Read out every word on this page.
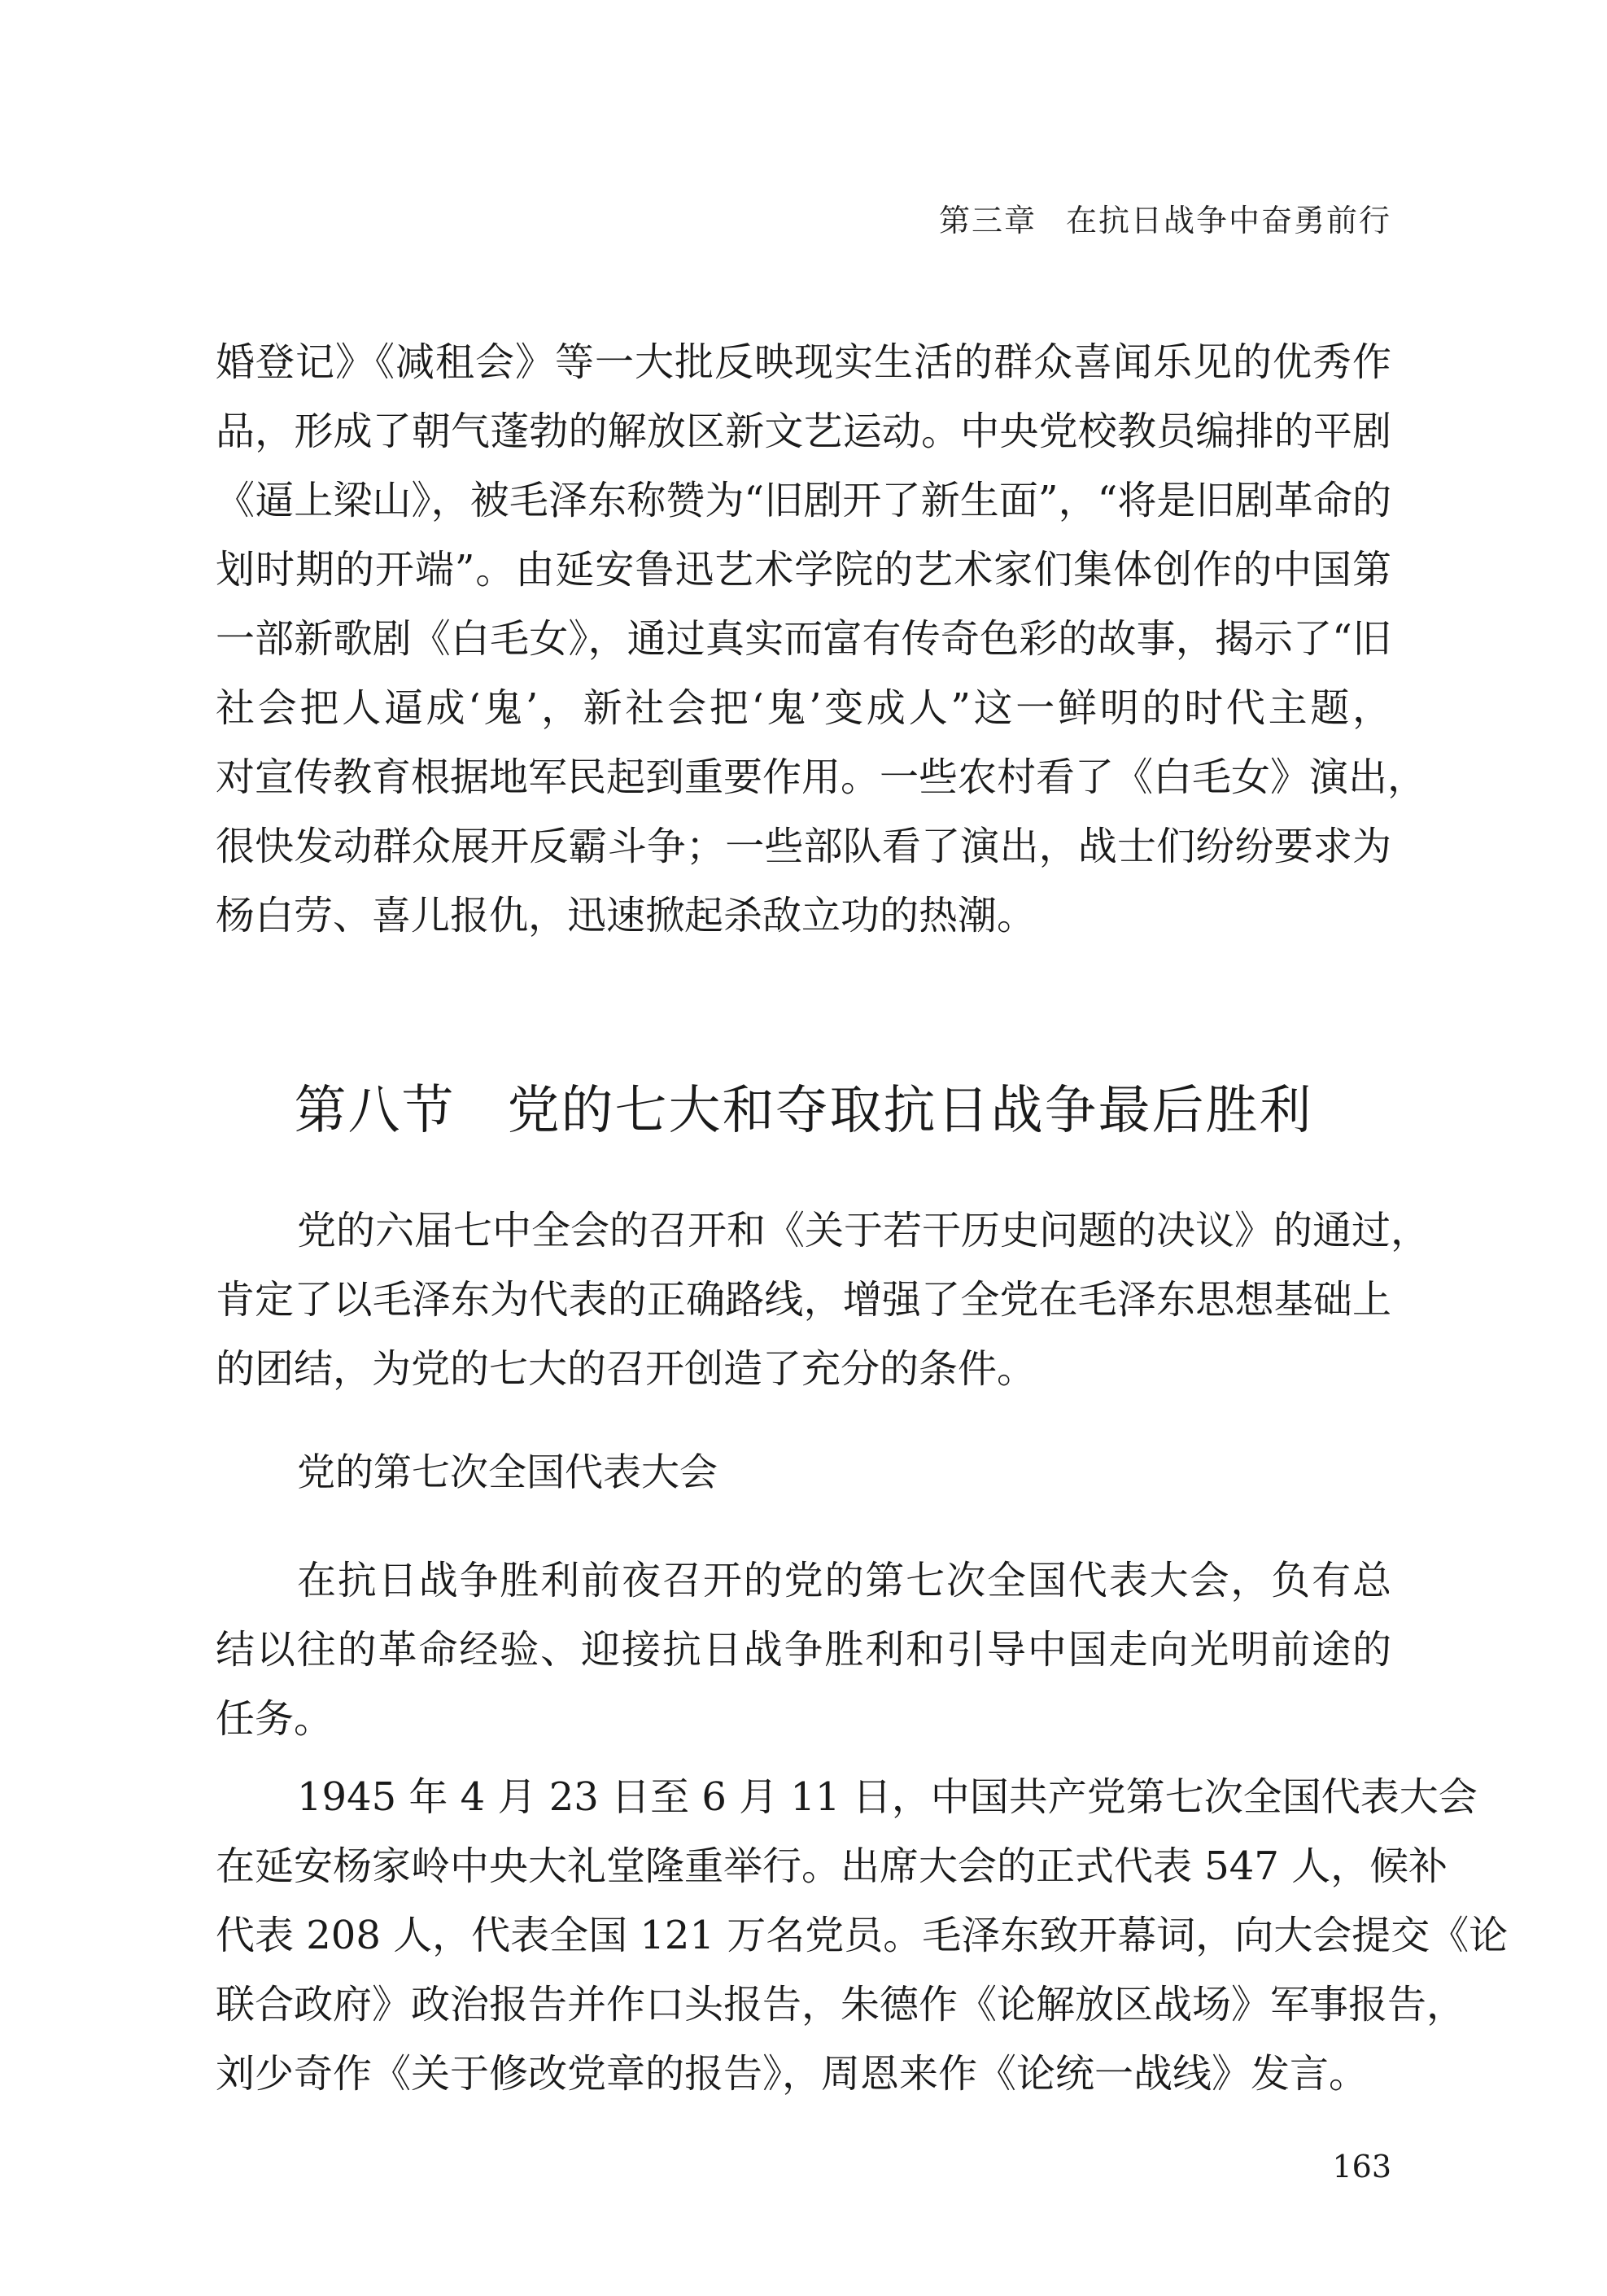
第三章 在抗日战争中奋勇前行
婚登记》《减租会》等一大批反映现实生活的群众喜闻乐见的优秀作
品，形成了朝气蓬勃的解放区新文艺运动。中央党校教员编排的平剧
《逼上梁山》，被毛泽东称赞为“旧剧开了新生面”，“将是旧剧革命的
划时期的开端”。由延安鲁迅艺术学院的艺术家们集体创作的中国第
一部新歌剧《白毛女》，通过真实而富有传奇色彩的故事，揭示了“旧
社会把人逼成‘鬼’，新社会把‘鬼’变成人”这一鲜明的时代主题，
对宣传教育根据地军民起到重要作用。一些农村看了《白毛女》演出，
很快发动群众展开反霸斗争；一些部队看了演出，战士们纷纷要求为
杨白劳、喜儿报仇，迅速掀起杀敌立功的热潮。
第八节 党的七大和夺取抗日战争最后胜利
党的六届七中全会的召开和《关于若干历史问题的决议》的通过，
肯定了以毛泽东为代表的正确路线，增强了全党在毛泽东思想基础上
的团结，为党的七大的召开创造了充分的条件。
党的第七次全国代表大会
在抗日战争胜利前夜召开的党的第七次全国代表大会，负有总
结以往的革命经验、迎接抗日战争胜利和引导中国走向光明前途的
任务。
1945 年 4 月 23 日至 6 月 11 日，中国共产党第七次全国代表大会
在延安杨家岭中央大礼堂隆重举行。出席大会的正式代表 547 人，候补
代表 208 人，代表全国 121 万名党员。毛泽东致开幕词，向大会提交《论
联合政府》政治报告并作口头报告，朱德作《论解放区战场》军事报告，
刘少奇作《关于修改党章的报告》，周恩来作《论统一战线》发言。
163
